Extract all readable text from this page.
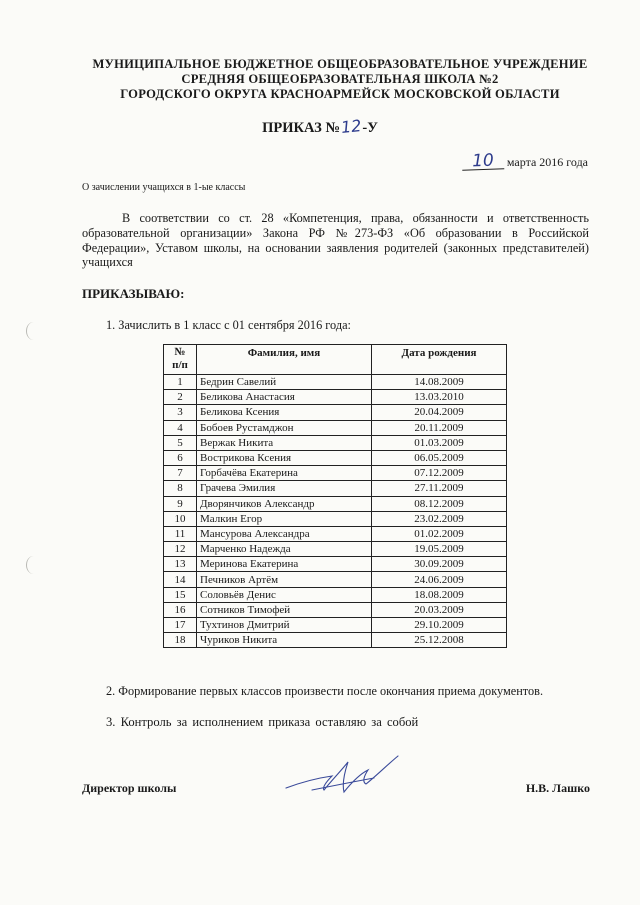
МУНИЦИПАЛЬНОЕ БЮДЖЕТНОЕ ОБЩЕОБРАЗОВАТЕЛЬНОЕ УЧРЕЖДЕНИЕ
СРЕДНЯЯ ОБЩЕОБРАЗОВАТЕЛЬНАЯ ШКОЛА №2
ГОРОДСКОГО ОКРУГА КРАСНОАРМЕЙСК МОСКОВСКОЙ ОБЛАСТИ
ПРИКАЗ №12-У
10 марта 2016 года
О зачислении учащихся в 1-ые классы
В соответствии со ст. 28 «Компетенция, права, обязанности и ответственность образовательной организации» Закона РФ №273-ФЗ «Об образовании в Российской Федерации», Уставом школы, на основании заявления родителей (законных представителей) учащихся
ПРИКАЗЫВАЮ:
1. Зачислить в 1 класс с 01 сентября 2016 года:
№
п/п	Фамилия, имя	Дата рождения
1	Бедрин Савелий	14.08.2009
2	Беликова Анастасия	13.03.2010
3	Беликова Ксения	20.04.2009
4	Бобоев Рустамджон	20.11.2009
5	Вержак Никита	01.03.2009
6	Вострикова Ксения	06.05.2009
7	Горбачёва Екатерина	07.12.2009
8	Грачева Эмилия	27.11.2009
9	Дворянчиков Александр	08.12.2009
10	Малкин Егор	23.02.2009
11	Мансурова Александра	01.02.2009
12	Марченко Надежда	19.05.2009
13	Меринова Екатерина	30.09.2009
14	Печников Артём	24.06.2009
15	Соловьёв Денис	18.08.2009
16	Сотников Тимофей	20.03.2009
17	Тухтинов Дмитрий	29.10.2009
18	Чуриков Никита	25.12.2008
2. Формирование первых классов произвести после окончания приема документов.
3. Контроль за исполнением приказа оставляю за собой
Директор школы	Н.В. Лашко
